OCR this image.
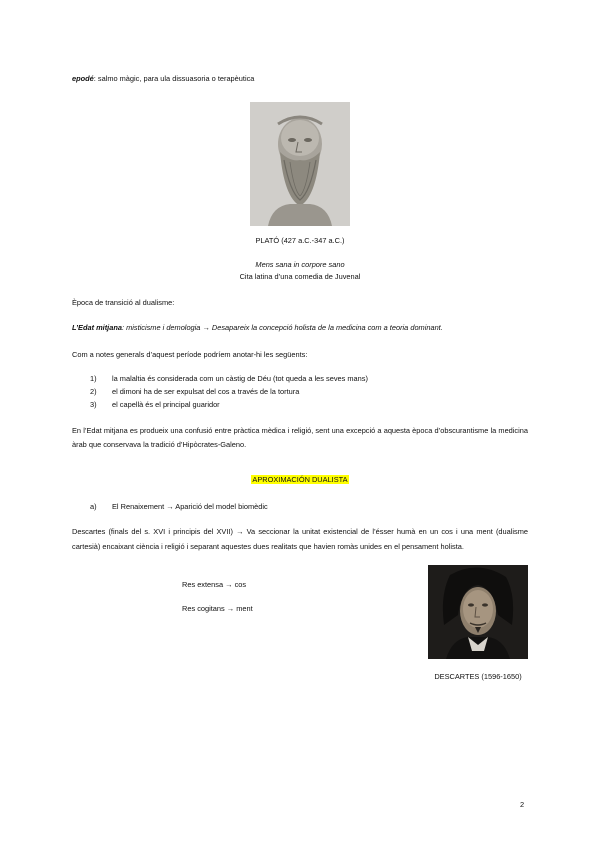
epodé: salmo màgic, para ula dissuasoria o terapèutica
PLATÓ (427 a.C.-347 a.C.)
Mens sana in corpore sano
Cita latina d’una comedia de Juvenal
Època de transició al dualisme:
L’Edat mitjana: misticisme i demologia → Desapareix la concepció holista de la medicina com a teoria dominant.
Com a notes generals d’aquest període podríem anotar-hi les següents:
1)	la malaltia és considerada com un càstig de Déu (tot queda a les seves mans)
2)	el dimoni ha de ser expulsat del cos a través de la tortura
3)	el capellà és el principal guaridor
En l’Edat mitjana es produeix una confusió entre pràctica mèdica i religió, sent una excepció a aquesta època d’obscurantisme la medicina àrab que conservava la tradició d’Hipòcrates-Galeno.
APROXIMACIÓN DUALISTA
a) El Renaixement → Aparició del model biomèdic
Descartes (finals del s. XVI i principis del XVII) → Va seccionar la unitat existencial de l’ésser humà en un cos i una ment (dualisme cartesià) encaixant ciència i religió i separant aquestes dues realitats que havien romàs unides en el pensament holista.
Res extensa → cos
Res cogitans → ment
DESCARTES (1596-1650)
2
